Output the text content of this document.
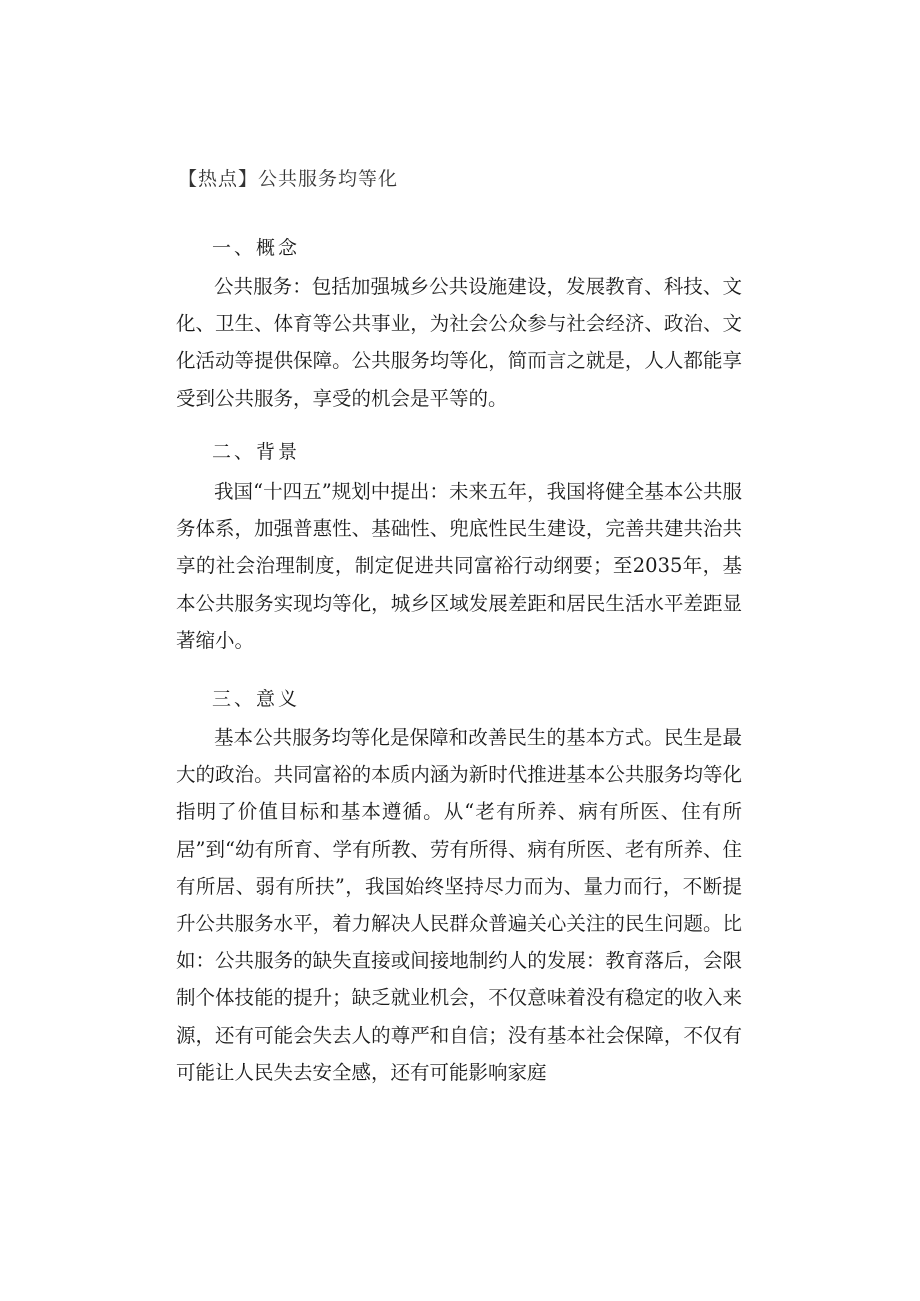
【热点】公共服务均等化
一、概念
公共服务：包括加强城乡公共设施建设，发展教育、科技、文化、卫生、体育等公共事业，为社会公众参与社会经济、政治、文化活动等提供保障。公共服务均等化，简而言之就是，人人都能享受到公共服务，享受的机会是平等的。
二、背景
我国“十四五”规划中提出：未来五年，我国将健全基本公共服务体系，加强普惠性、基础性、兜底性民生建设，完善共建共治共享的社会治理制度，制定促进共同富裕行动纲要；至2035年，基本公共服务实现均等化，城乡区域发展差距和居民生活水平差距显著缩小。
三、意义
基本公共服务均等化是保障和改善民生的基本方式。民生是最大的政治。共同富裕的本质内涵为新时代推进基本公共服务均等化指明了价值目标和基本遵循。从“老有所养、病有所医、住有所居”到“幼有所育、学有所教、劳有所得、病有所医、老有所养、住有所居、弱有所扶”，我国始终坚持尽力而为、量力而行，不断提升公共服务水平，着力解决人民群众普遍关心关注的民生问题。比如：公共服务的缺失直接或间接地制约人的发展：教育落后，会限制个体技能的提升；缺乏就业机会，不仅意味着没有稳定的收入来源，还有可能会失去人的尊严和自信；没有基本社会保障，不仅有可能让人民失去安全感，还有可能影响家庭
